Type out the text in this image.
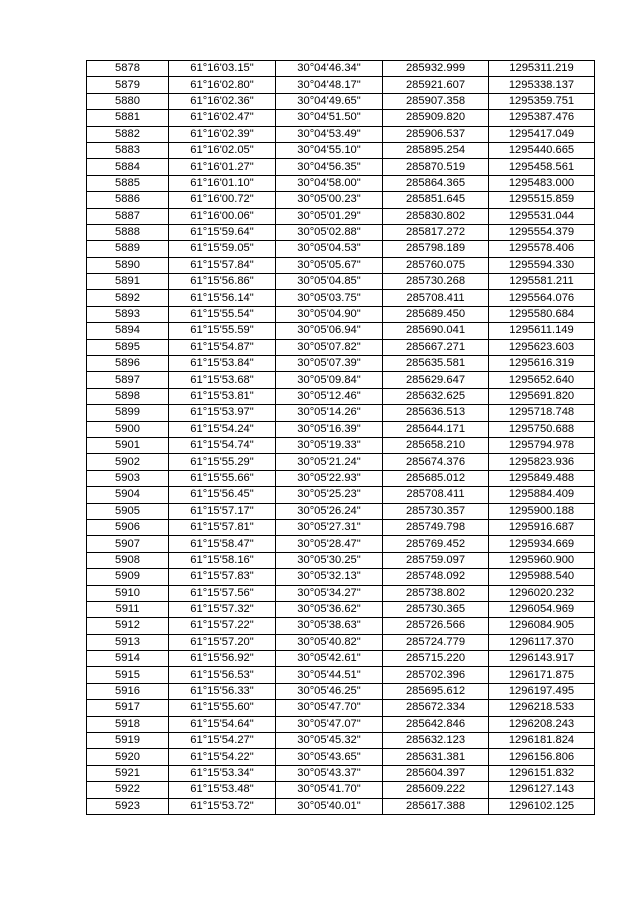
5878	61°16'03.15"	30°04'46.34"	285932.999	1295311.219
5879	61°16'02.80"	30°04'48.17"	285921.607	1295338.137
5880	61°16'02.36"	30°04'49.65"	285907.358	1295359.751
5881	61°16'02.47"	30°04'51.50"	285909.820	1295387.476
5882	61°16'02.39"	30°04'53.49"	285906.537	1295417.049
5883	61°16'02.05"	30°04'55.10"	285895.254	1295440.665
5884	61°16'01.27"	30°04'56.35"	285870.519	1295458.561
5885	61°16'01.10"	30°04'58.00"	285864.365	1295483.000
5886	61°16'00.72"	30°05'00.23"	285851.645	1295515.859
5887	61°16'00.06"	30°05'01.29"	285830.802	1295531.044
5888	61°15'59.64"	30°05'02.88"	285817.272	1295554.379
5889	61°15'59.05"	30°05'04.53"	285798.189	1295578.406
5890	61°15'57.84"	30°05'05.67"	285760.075	1295594.330
5891	61°15'56.86"	30°05'04.85"	285730.268	1295581.211
5892	61°15'56.14"	30°05'03.75"	285708.411	1295564.076
5893	61°15'55.54"	30°05'04.90"	285689.450	1295580.684
5894	61°15'55.59"	30°05'06.94"	285690.041	1295611.149
5895	61°15'54.87"	30°05'07.82"	285667.271	1295623.603
5896	61°15'53.84"	30°05'07.39"	285635.581	1295616.319
5897	61°15'53.68"	30°05'09.84"	285629.647	1295652.640
5898	61°15'53.81"	30°05'12.46"	285632.625	1295691.820
5899	61°15'53.97"	30°05'14.26"	285636.513	1295718.748
5900	61°15'54.24"	30°05'16.39"	285644.171	1295750.688
5901	61°15'54.74"	30°05'19.33"	285658.210	1295794.978
5902	61°15'55.29"	30°05'21.24"	285674.376	1295823.936
5903	61°15'55.66"	30°05'22.93"	285685.012	1295849.488
5904	61°15'56.45"	30°05'25.23"	285708.411	1295884.409
5905	61°15'57.17"	30°05'26.24"	285730.357	1295900.188
5906	61°15'57.81"	30°05'27.31"	285749.798	1295916.687
5907	61°15'58.47"	30°05'28.47"	285769.452	1295934.669
5908	61°15'58.16"	30°05'30.25"	285759.097	1295960.900
5909	61°15'57.83"	30°05'32.13"	285748.092	1295988.540
5910	61°15'57.56"	30°05'34.27"	285738.802	1296020.232
5911	61°15'57.32"	30°05'36.62"	285730.365	1296054.969
5912	61°15'57.22"	30°05'38.63"	285726.566	1296084.905
5913	61°15'57.20"	30°05'40.82"	285724.779	1296117.370
5914	61°15'56.92"	30°05'42.61"	285715.220	1296143.917
5915	61°15'56.53"	30°05'44.51"	285702.396	1296171.875
5916	61°15'56.33"	30°05'46.25"	285695.612	1296197.495
5917	61°15'55.60"	30°05'47.70"	285672.334	1296218.533
5918	61°15'54.64"	30°05'47.07"	285642.846	1296208.243
5919	61°15'54.27"	30°05'45.32"	285632.123	1296181.824
5920	61°15'54.22"	30°05'43.65"	285631.381	1296156.806
5921	61°15'53.34"	30°05'43.37"	285604.397	1296151.832
5922	61°15'53.48"	30°05'41.70"	285609.222	1296127.143
5923	61°15'53.72"	30°05'40.01"	285617.388	1296102.125
